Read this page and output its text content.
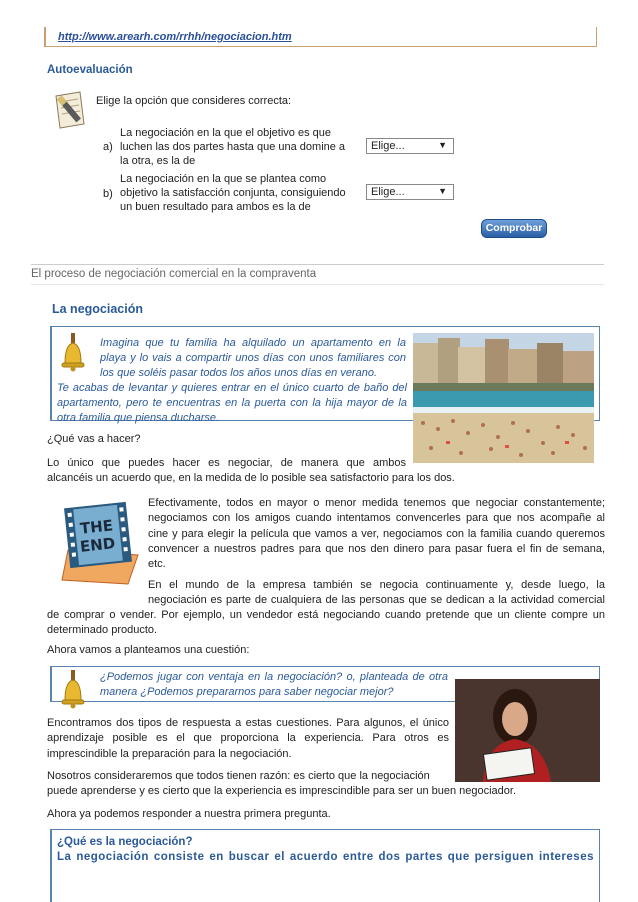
http://www.arearh.com/rrhh/negociacion.htm
Autoevaluación
Elige la opción que consideres correcta:
a)
La negociación en la que el objetivo es que
luchen las dos partes hasta que una domine a
la otra, es la de
Elige...	▼
b)
La negociación en la que se plantea como
objetivo la satisfacción conjunta, consiguiendo
un buen resultado para ambos es la de
Elige...	▼
Comprobar
El proceso de negociación comercial en la compraventa
La negociación
Imagina que tu familia ha alquilado un apartamento en la
playa y lo vais a compartir unos días con unos familiares con
los que soléis pasar todos los años unos días en verano.
Te acabas de levantar y quieres entrar en el único cuarto de baño del
apartamento, pero te encuentras en la puerta con la hija mayor de la
otra familia que piensa ducharse.
¿Qué vas a hacer?
Lo único que puedes hacer es negociar, de manera que ambos
alcancéis un acuerdo que, en la medida de lo posible sea satisfactorio para los dos.
THE
END
Efectivamente, todos en mayor o menor medida tenemos que negociar constantemente;
negociamos con los amigos cuando intentamos convencerles para que nos acompañe al
cine y para elegir la película que vamos a ver, negociamos con la familia cuando queremos
convencer a nuestros padres para que nos den dinero para pasar fuera el fin de semana,
etc.
En el mundo de la empresa también se negocia continuamente y, desde luego, la
negociación es parte de cualquiera de las personas que se dedican a la actividad comercial
de comprar o vender. Por ejemplo, un vendedor está negociando cuando pretende que un cliente compre un
determinado producto.
Ahora vamos a planteamos una cuestión:
¿Podemos jugar con ventaja en la negociación? o, planteada de otra
manera ¿Podemos prepararnos para saber negociar mejor?
Encontramos dos tipos de respuesta a estas cuestiones. Para algunos, el único
aprendizaje posible es el que proporciona la experiencia. Para otros es
imprescindible la preparación para la negociación.
Nosotros consideraremos que todos tienen razón: es cierto que la negociación
puede aprenderse y es cierto que la experiencia es imprescindible para ser un buen negociador.
Ahora ya podemos responder a nuestra primera pregunta.
¿Qué es la negociación?
La negociación consiste en buscar el acuerdo entre dos partes que persiguen intereses
